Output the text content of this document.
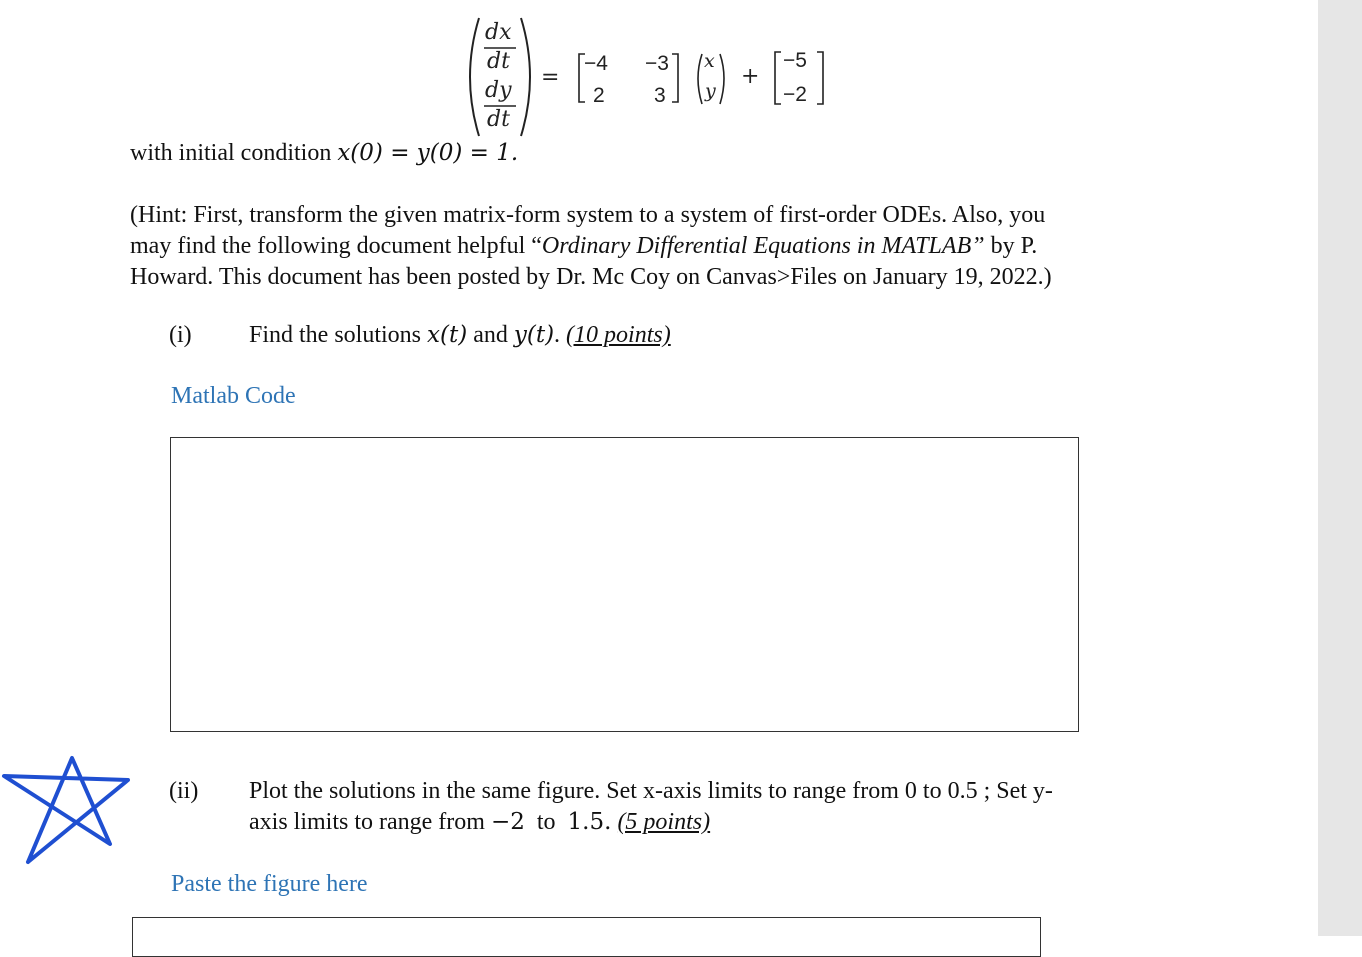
dx
dt
dy
dt
=
−4 −3
2 3
x
y
+
−5
−2
with initial condition x(0) = y(0) = 1.
(Hint: First, transform the given matrix-form system to a system of first-order ODEs. Also, you
may find the following document helpful “Ordinary Differential Equations in MATLAB” by P.
Howard. This document has been posted by Dr. Mc Coy on Canvas>Files on January 19, 2022.)
(i) Find the solutions x(t) and y(t). (10 points)
Matlab Code
(ii) Plot the solutions in the same figure. Set x-axis limits to range from 0 to 0.5 ; Set y-
axis limits to range from −2 to 1.5. (5 points)
Paste the figure here
